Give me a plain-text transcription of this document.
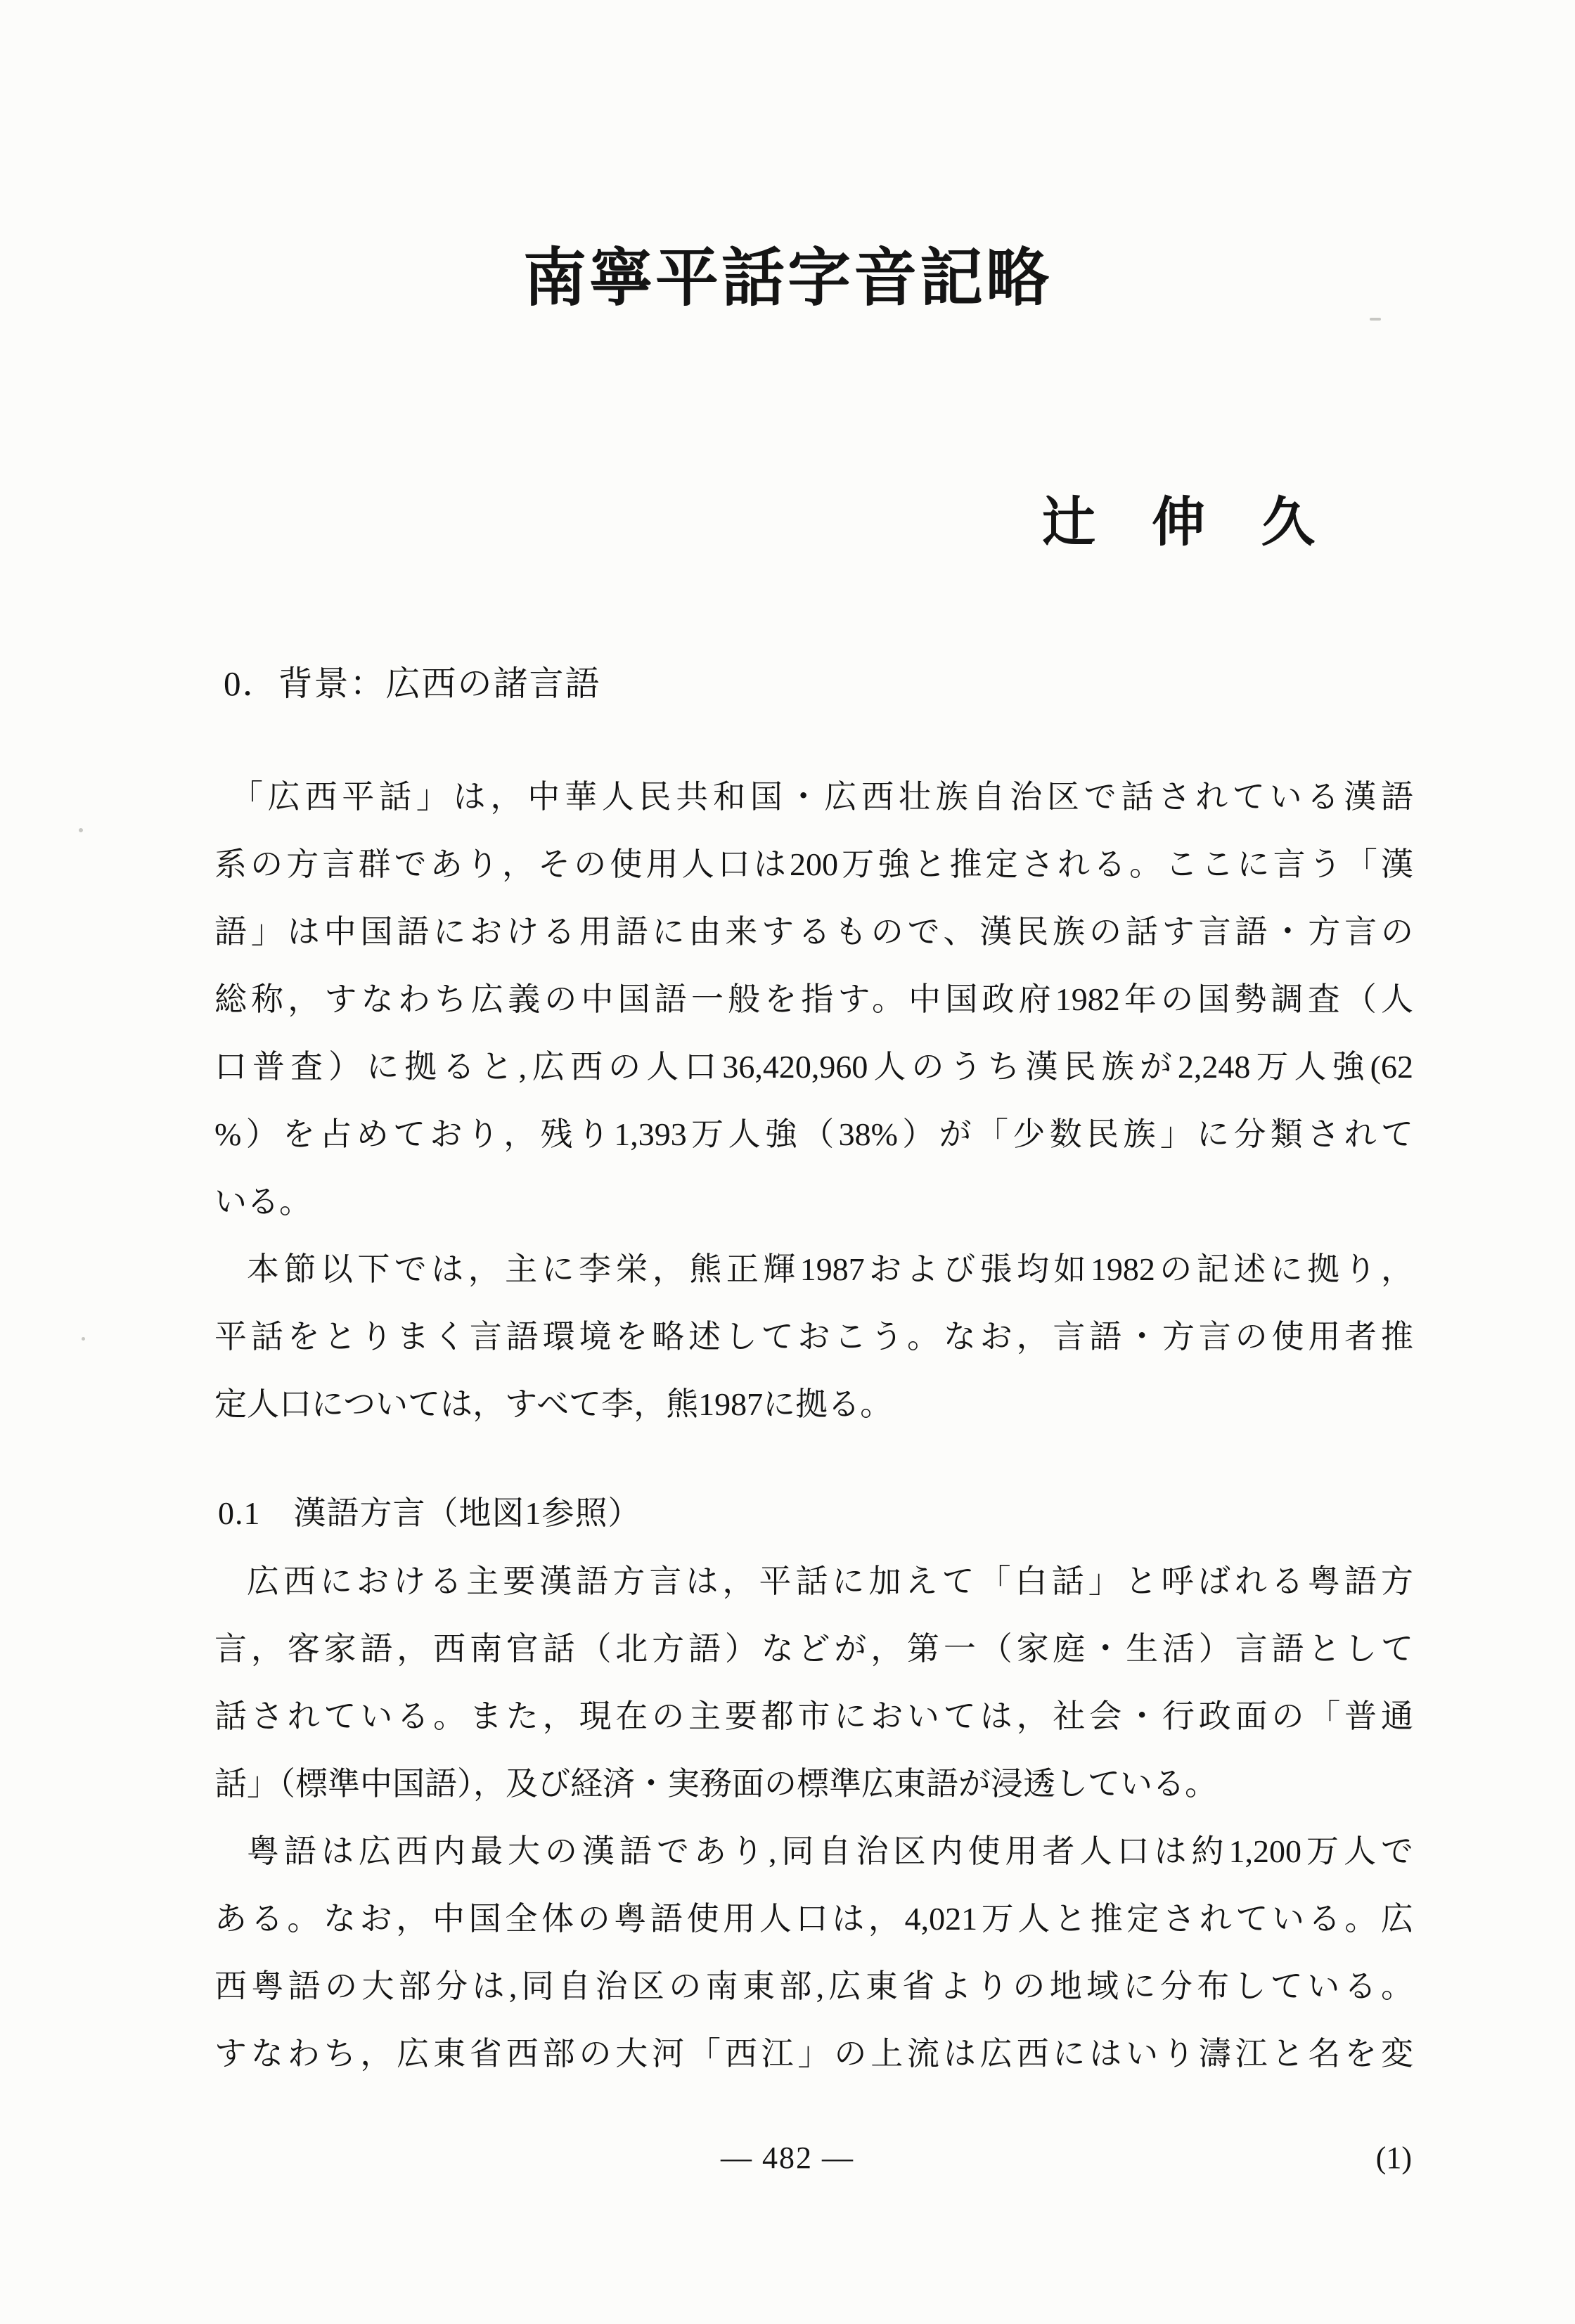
南寧平話字音記略
辻　伸　久
0．背景：広西の諸言語
「広西平話」は，中華人民共和国・広西壮族自治区で話されている漢語
系の方言群であり，その使用人口は200万強と推定される。ここに言う「漢
語」は中国語における用語に由来するもので、漢民族の話す言語・方言の
総称，すなわち広義の中国語一般を指す。中国政府1982年の国勢調査（人
口普査）に拠ると,広西の人口36,420,960人のうち漢民族が2,248万人強(62
%）を占めており，残り1,393万人強（38%）が「少数民族」に分類されて
いる。
本節以下では，主に李栄，熊正輝1987および張均如1982の記述に拠り，
平話をとりまく言語環境を略述しておこう。なお，言語・方言の使用者推
定人口については，すべて李，熊1987に拠る。
0.1　漢語方言（地図1参照）
広西における主要漢語方言は，平話に加えて「白話」と呼ばれる粤語方
言，客家語，西南官話（北方語）などが，第一（家庭・生活）言語として
話されている。また，現在の主要都市においては，社会・行政面の「普通
話」（標準中国語），及び経済・実務面の標準広東語が浸透している。
粤語は広西内最大の漢語であり,同自治区内使用者人口は約1,200万人で
ある。なお，中国全体の粤語使用人口は，4,021万人と推定されている。広
西粤語の大部分は,同自治区の南東部,広東省よりの地域に分布している。
すなわち，広東省西部の大河「西江」の上流は広西にはいり濤江と名を変
— 482 —	(1)
